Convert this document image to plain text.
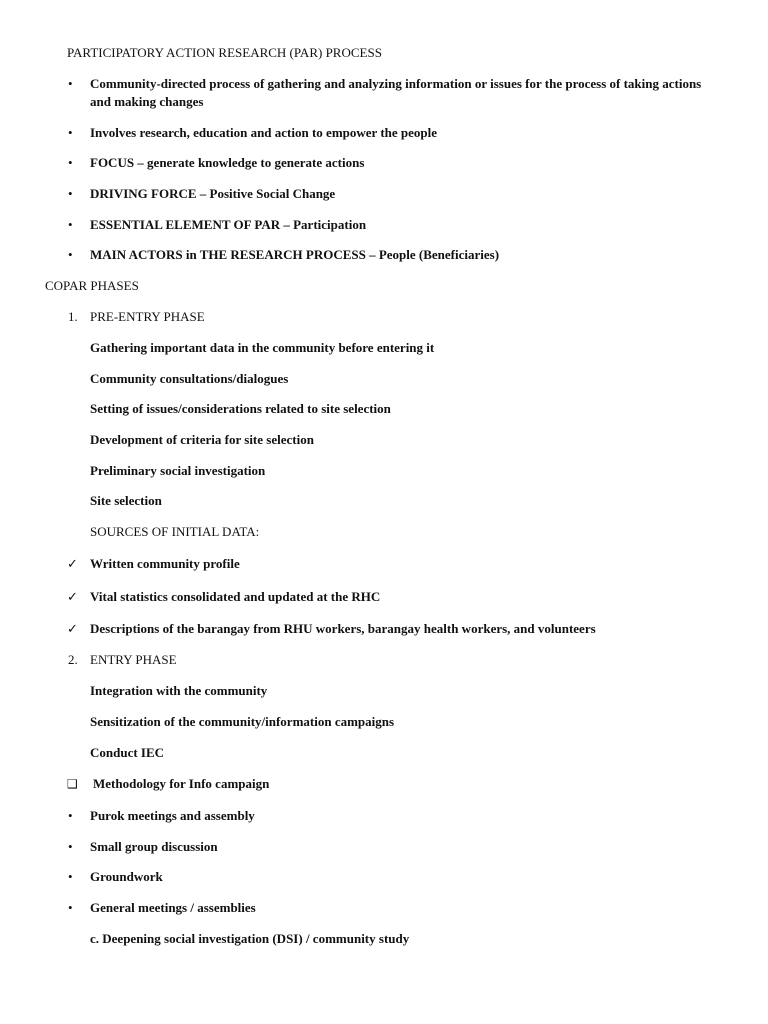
PARTICIPATORY ACTION RESEARCH (PAR) PROCESS
• Community-directed process of gathering and analyzing information or issues for the process of taking actions and making changes
• Involves research, education and action to empower the people
• FOCUS – generate knowledge to generate actions
• DRIVING FORCE – Positive Social Change
• ESSENTIAL ELEMENT OF PAR – Participation
• MAIN ACTORS in THE RESEARCH PROCESS – People (Beneficiaries)
COPAR PHASES
1. PRE-ENTRY PHASE
Gathering important data in the community before entering it
Community consultations/dialogues
Setting of issues/considerations related to site selection
Development of criteria for site selection
Preliminary social investigation
Site selection
SOURCES OF INITIAL DATA:
✓ Written community profile
✓ Vital statistics consolidated and updated at the RHC
✓ Descriptions of the barangay from RHU workers, barangay health workers, and volunteers
2. ENTRY PHASE
Integration with the community
Sensitization of the community/information campaigns
Conduct IEC
❑ Methodology for Info campaign
• Purok meetings and assembly
• Small group discussion
• Groundwork
• General meetings / assemblies
c. Deepening social investigation (DSI) / community study
